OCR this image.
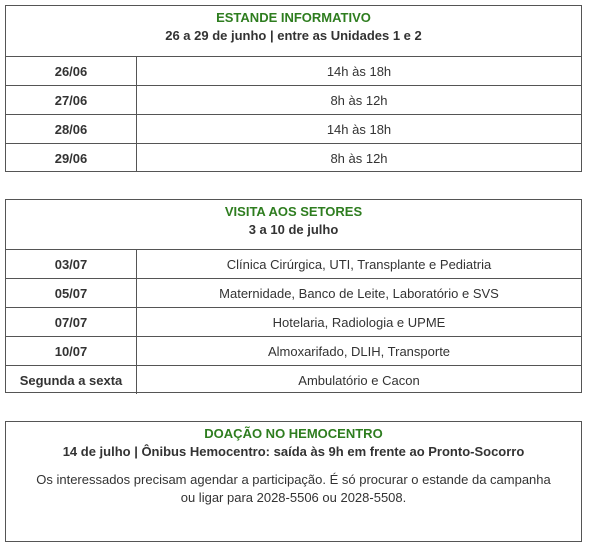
ESTANDE INFORMATIVO
26 a 29 de junho | entre as Unidades 1 e 2
26/06	14h às 18h
27/06	8h às 12h
28/06	14h às 18h
29/06	8h às 12h
VISITA AOS SETORES
3 a 10 de julho
03/07	Clínica Cirúrgica, UTI, Transplante e Pediatria
05/07	Maternidade, Banco de Leite, Laboratório e SVS
07/07	Hotelaria, Radiologia e UPME
10/07	Almoxarifado, DLIH, Transporte
Segunda a sexta	Ambulatório e Cacon
DOAÇÃO NO HEMOCENTRO
14 de julho | Ônibus Hemocentro: saída às 9h em frente ao Pronto-Socorro
Os interessados precisam agendar a participação. É só procurar o estande da campanha
ou ligar para 2028-5506 ou 2028-5508.
